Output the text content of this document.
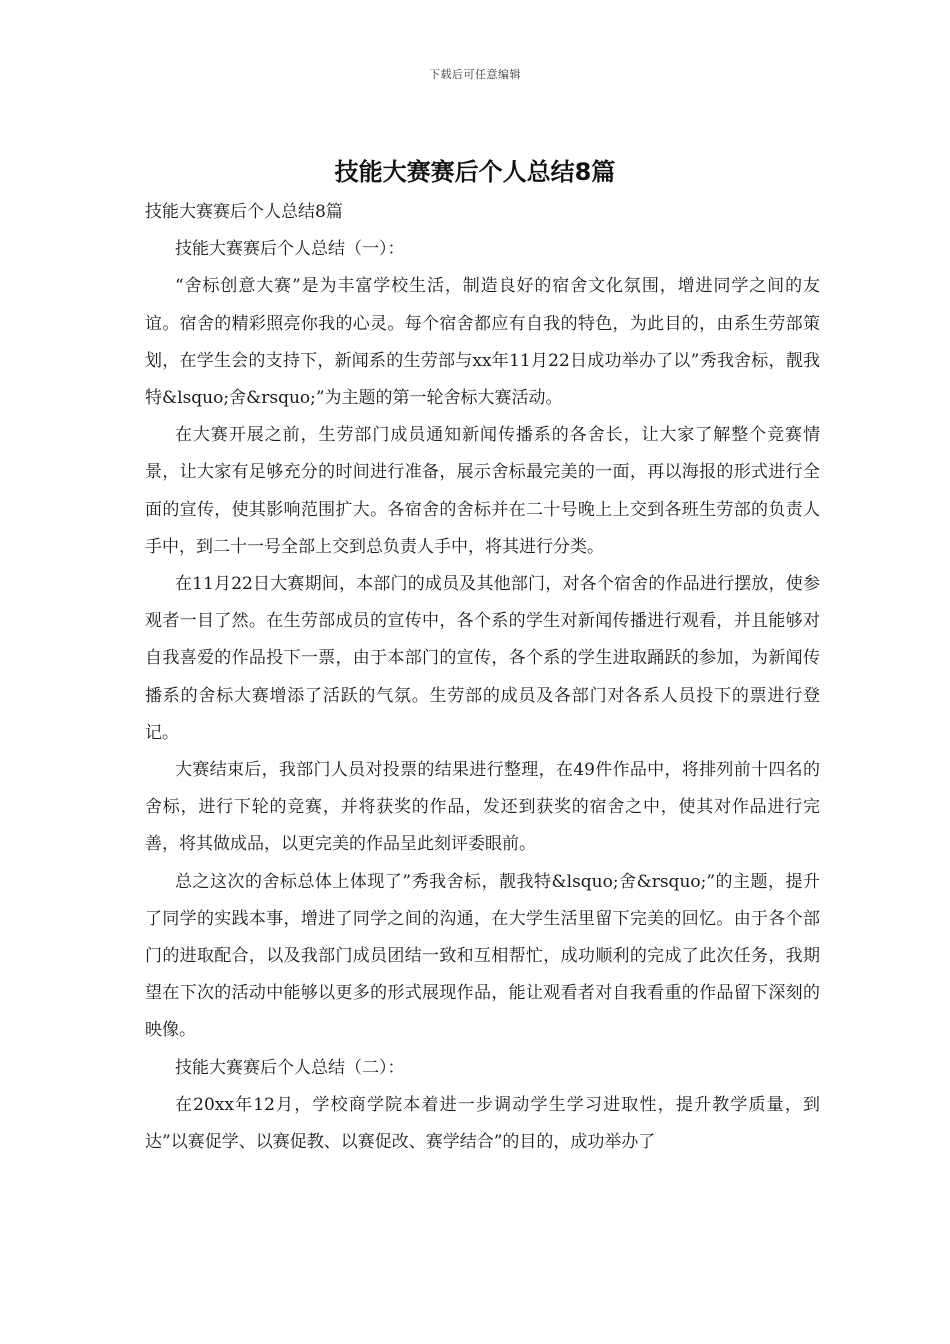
下载后可任意编辑
技能大赛赛后个人总结8篇

技能大赛赛后个人总结8篇

技能大赛赛后个人总结（一）：

“舍标创意大赛”是为丰富学校生活，制造良好的宿舍文化氛围，增进同学之间的友谊。宿舍的精彩照亮你我的心灵。每个宿舍都应有自我的特色，为此目的，由系生劳部策划，在学生会的支持下，新闻系的生劳部与xx年11月22日成功举办了以”秀我舍标，靓我特&lsquo;舍&rsquo;”为主题的第一轮舍标大赛活动。

在大赛开展之前，生劳部门成员通知新闻传播系的各舍长，让大家了解整个竞赛情景，让大家有足够充分的时间进行准备，展示舍标最完美的一面，再以海报的形式进行全面的宣传，使其影响范围扩大。各宿舍的舍标并在二十号晚上上交到各班生劳部的负责人手中，到二十一号全部上交到总负责人手中，将其进行分类。

在11月22日大赛期间，本部门的成员及其他部门，对各个宿舍的作品进行摆放，使参观者一目了然。在生劳部成员的宣传中，各个系的学生对新闻传播进行观看，并且能够对自我喜爱的作品投下一票，由于本部门的宣传，各个系的学生进取踊跃的参加，为新闻传播系的舍标大赛增添了活跃的气氛。生劳部的成员及各部门对各系人员投下的票进行登记。

大赛结束后，我部门人员对投票的结果进行整理，在49件作品中，将排列前十四名的舍标，进行下轮的竞赛，并将获奖的作品，发还到获奖的宿舍之中，使其对作品进行完善，将其做成品，以更完美的作品呈此刻评委眼前。

总之这次的舍标总体上体现了”秀我舍标，靓我特&lsquo;舍&rsquo;”的主题，提升了同学的实践本事，增进了同学之间的沟通，在大学生活里留下完美的回忆。由于各个部门的进取配合，以及我部门成员团结一致和互相帮忙，成功顺利的完成了此次任务，我期望在下次的活动中能够以更多的形式展现作品，能让观看者对自我看重的作品留下深刻的映像。

技能大赛赛后个人总结（二）：

在20xx年12月，学校商学院本着进一步调动学生学习进取性，提升教学质量，到达”以赛促学、以赛促教、以赛促改、赛学结合”的目的，成功举办了
